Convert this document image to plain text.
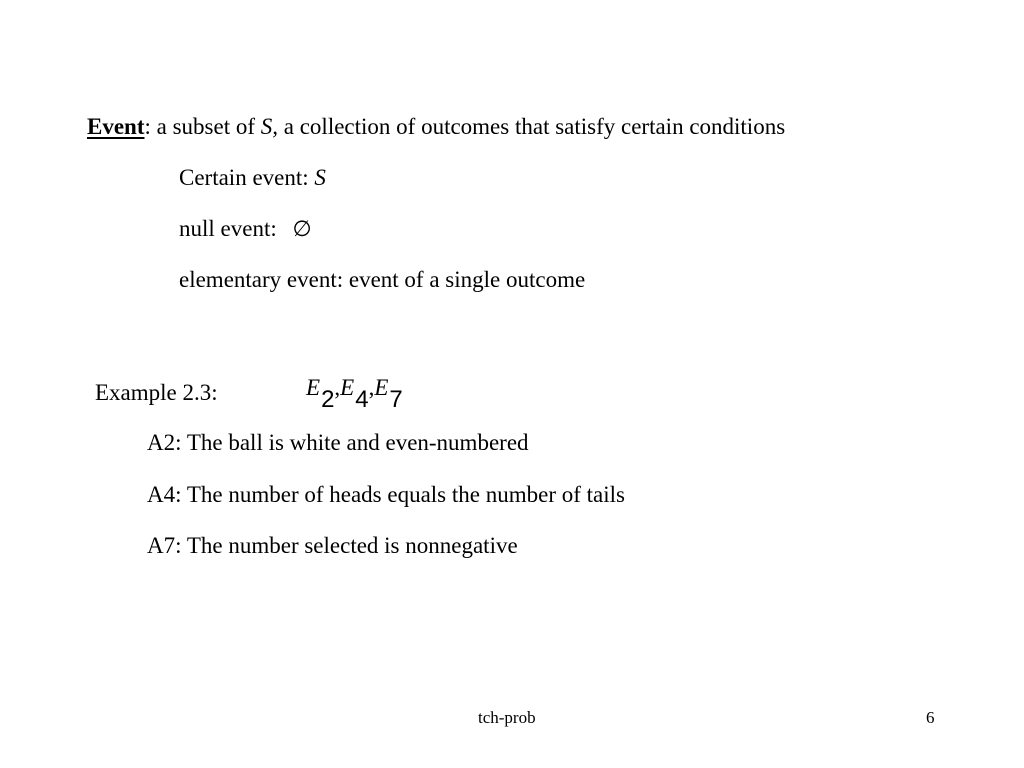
Event: a subset of S, a collection of outcomes that satisfy certain conditions
Certain event: S
null event: ∅
elementary event: event of a single outcome
Example 2.3:	E2,E4,E7
A2: The ball is white and even-numbered
A4: The number of heads equals the number of tails
A7: The number selected is nonnegative
tch-prob	6
